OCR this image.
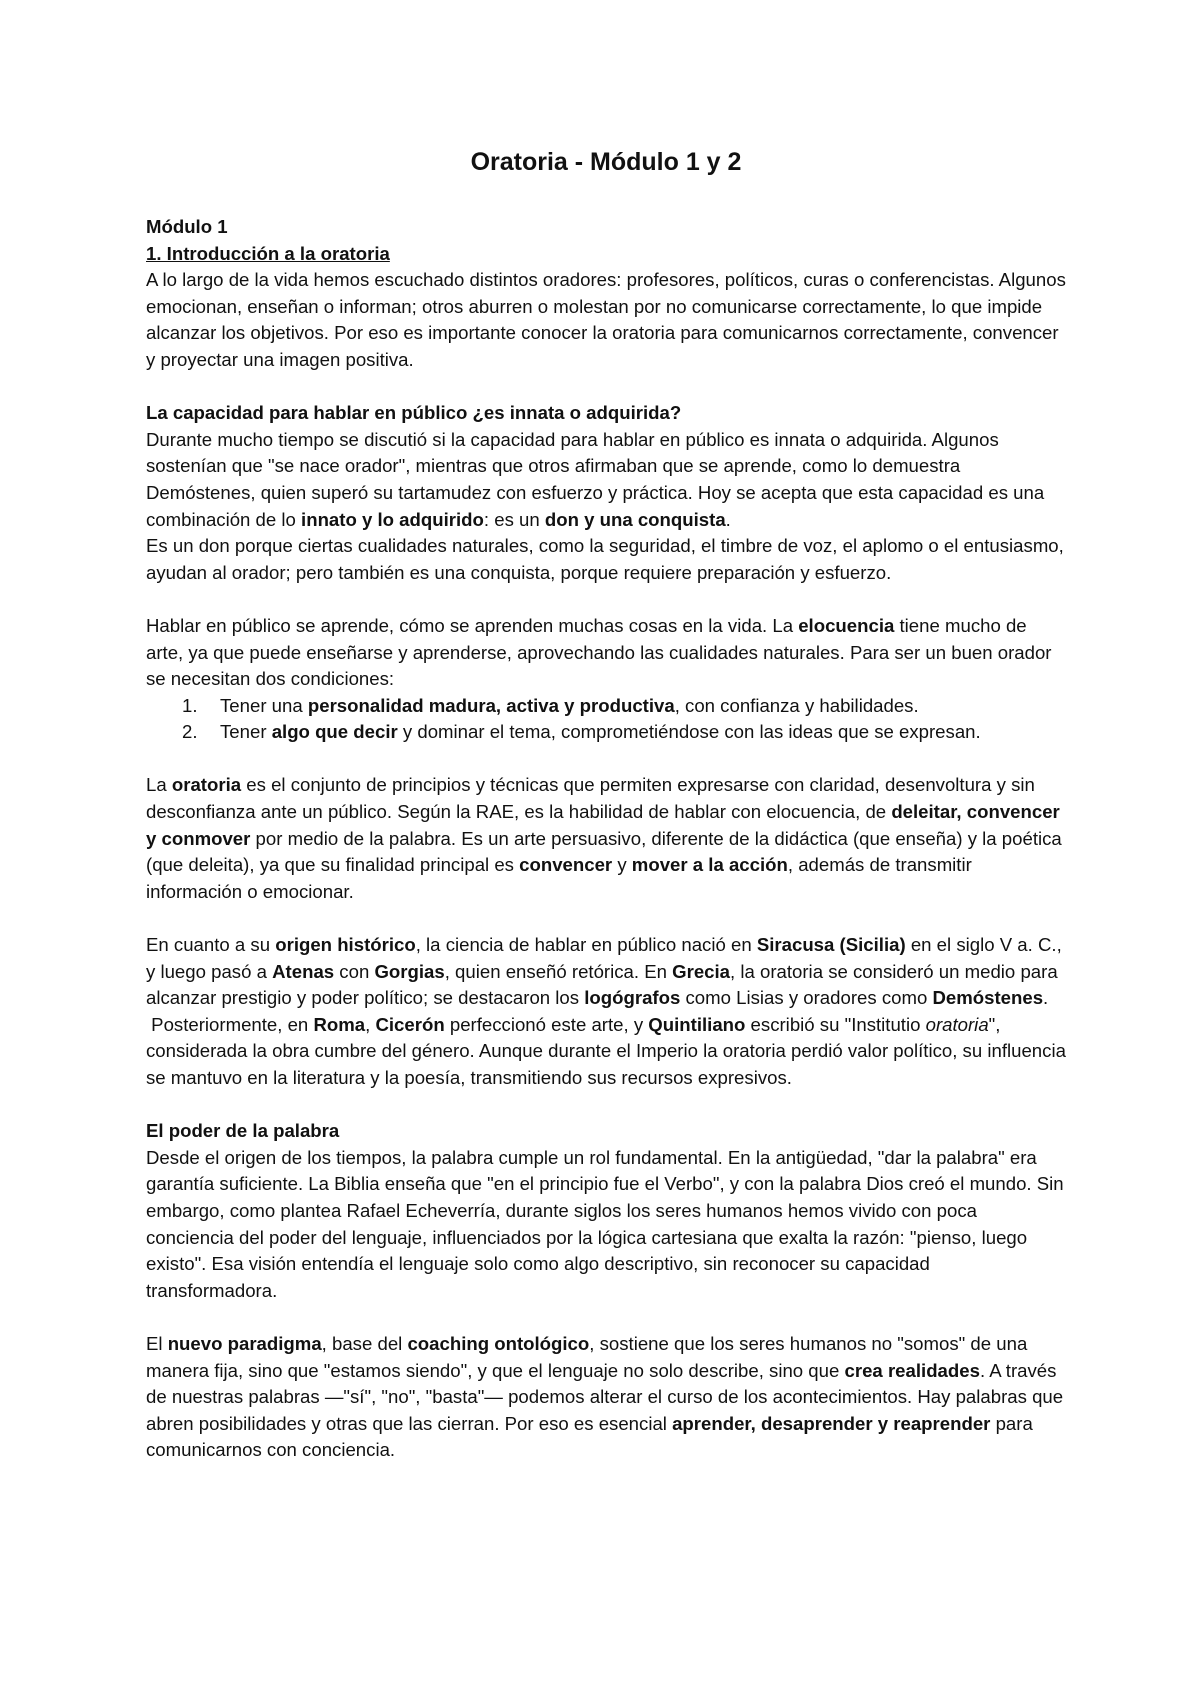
Oratoria - Módulo 1 y 2
Módulo 1
1. Introducción a la oratoria

A lo largo de la vida hemos escuchado distintos oradores: profesores, políticos, curas o conferencistas. Algunos emocionan, enseñan o informan; otros aburren o molestan por no comunicarse correctamente, lo que impide alcanzar los objetivos. Por eso es importante conocer la oratoria para comunicarnos correctamente, convencer y proyectar una imagen positiva.

La capacidad para hablar en público ¿es innata o adquirida?

Durante mucho tiempo se discutió si la capacidad para hablar en público es innata o adquirida. Algunos sostenían que "se nace orador", mientras que otros afirmaban que se aprende, como lo demuestra Demóstenes, quien superó su tartamudez con esfuerzo y práctica. Hoy se acepta que esta capacidad es una combinación de lo innato y lo adquirido: es un don y una conquista.

Es un don porque ciertas cualidades naturales, como la seguridad, el timbre de voz, el aplomo o el entusiasmo, ayudan al orador; pero también es una conquista, porque requiere preparación y esfuerzo.

Hablar en público se aprende, cómo se aprenden muchas cosas en la vida. La elocuencia tiene mucho de arte, ya que puede enseñarse y aprenderse, aprovechando las cualidades naturales. Para ser un buen orador se necesitan dos condiciones:

1. Tener una personalidad madura, activa y productiva, con confianza y habilidades.
2. Tener algo que decir y dominar el tema, comprometiéndose con las ideas que se expresan.

La oratoria es el conjunto de principios y técnicas que permiten expresarse con claridad, desenvoltura y sin desconfianza ante un público. Según la RAE, es la habilidad de hablar con elocuencia, de deleitar, convencer y conmover por medio de la palabra. Es un arte persuasivo, diferente de la didáctica (que enseña) y la poética (que deleita), ya que su finalidad principal es convencer y mover a la acción, además de transmitir información o emocionar.

En cuanto a su origen histórico, la ciencia de hablar en público nació en Siracusa (Sicilia) en el siglo V a. C., y luego pasó a Atenas con Gorgias, quien enseñó retórica. En Grecia, la oratoria se consideró un medio para alcanzar prestigio y poder político; se destacaron los logógrafos como Lisias y oradores como Demóstenes.

Posteriormente, en Roma, Cicerón perfeccionó este arte, y Quintiliano escribió su "Institutio oratoria", considerada la obra cumbre del género. Aunque durante el Imperio la oratoria perdió valor político, su influencia se mantuvo en la literatura y la poesía, transmitiendo sus recursos expresivos.

El poder de la palabra

Desde el origen de los tiempos, la palabra cumple un rol fundamental. En la antigüedad, "dar la palabra" era garantía suficiente. La Biblia enseña que "en el principio fue el Verbo", y con la palabra Dios creó el mundo. Sin embargo, como plantea Rafael Echeverría, durante siglos los seres humanos hemos vivido con poca conciencia del poder del lenguaje, influenciados por la lógica cartesiana que exalta la razón: "pienso, luego existo". Esa visión entendía el lenguaje solo como algo descriptivo, sin reconocer su capacidad transformadora.

El nuevo paradigma, base del coaching ontológico, sostiene que los seres humanos no "somos" de una manera fija, sino que "estamos siendo", y que el lenguaje no solo describe, sino que crea realidades. A través de nuestras palabras —"sí", "no", "basta"— podemos alterar el curso de los acontecimientos. Hay palabras que abren posibilidades y otras que las cierran. Por eso es esencial aprender, desaprender y reaprender para comunicarnos con conciencia.
